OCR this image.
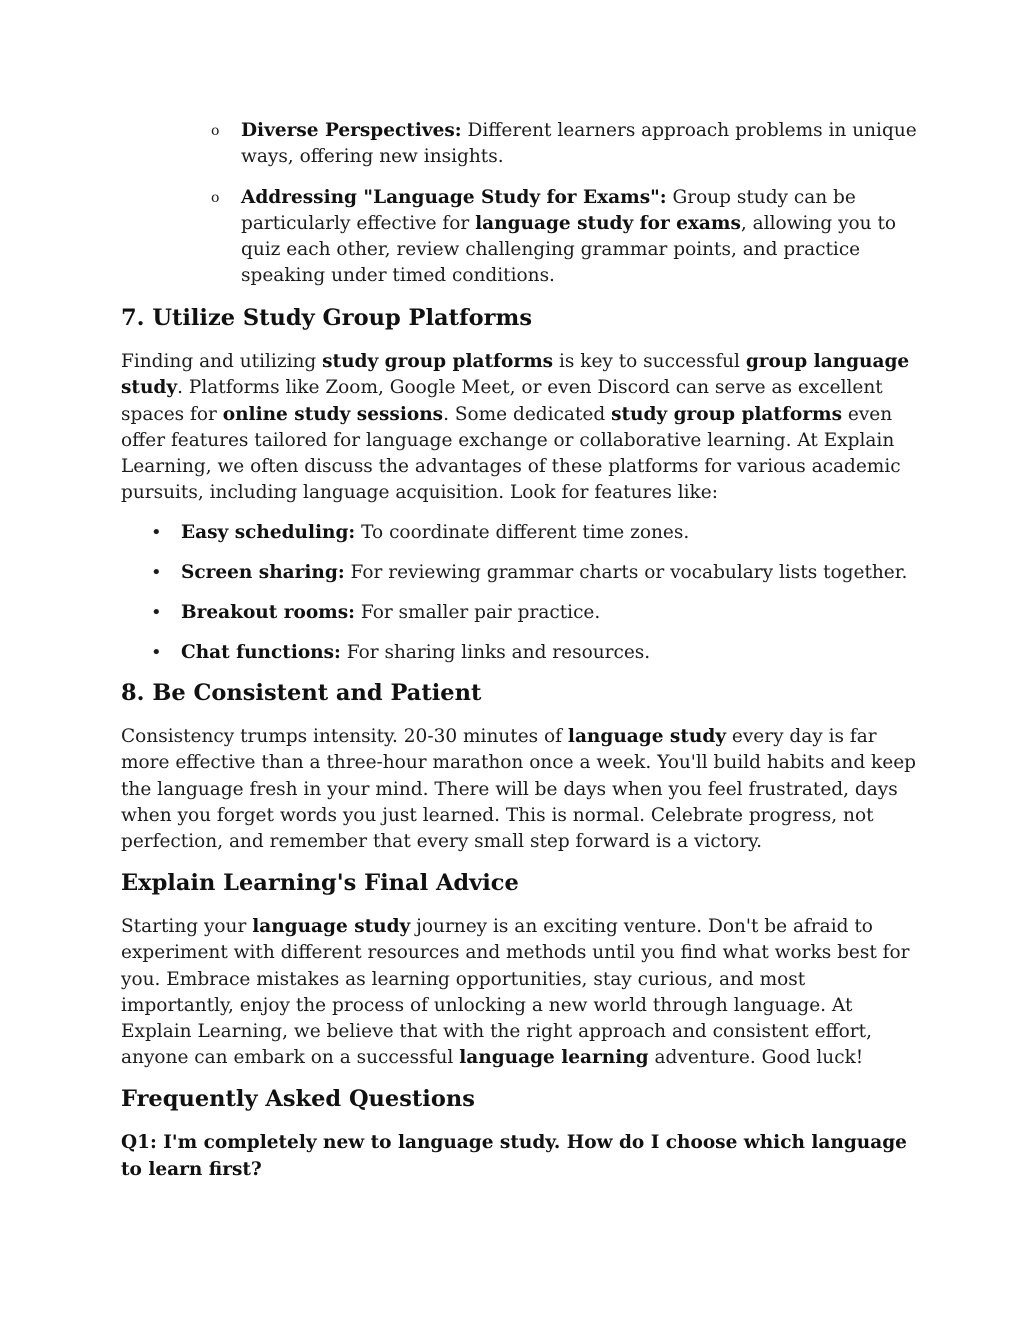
o Diverse Perspectives: Different learners approach problems in unique ways, offering new insights.
o Addressing "Language Study for Exams": Group study can be particularly effective for language study for exams, allowing you to quiz each other, review challenging grammar points, and practice speaking under timed conditions.
7. Utilize Study Group Platforms

Finding and utilizing study group platforms is key to successful group language study. Platforms like Zoom, Google Meet, or even Discord can serve as excellent spaces for online study sessions. Some dedicated study group platforms even offer features tailored for language exchange or collaborative learning. At Explain Learning, we often discuss the advantages of these platforms for various academic pursuits, including language acquisition. Look for features like:

• Easy scheduling: To coordinate different time zones.
• Screen sharing: For reviewing grammar charts or vocabulary lists together.
• Breakout rooms: For smaller pair practice.
• Chat functions: For sharing links and resources.
8. Be Consistent and Patient

Consistency trumps intensity. 20-30 minutes of language study every day is far more effective than a three-hour marathon once a week. You'll build habits and keep the language fresh in your mind. There will be days when you feel frustrated, days when you forget words you just learned. This is normal. Celebrate progress, not perfection, and remember that every small step forward is a victory.

Explain Learning's Final Advice

Starting your language study journey is an exciting venture. Don't be afraid to experiment with different resources and methods until you find what works best for you. Embrace mistakes as learning opportunities, stay curious, and most importantly, enjoy the process of unlocking a new world through language. At Explain Learning, we believe that with the right approach and consistent effort, anyone can embark on a successful language learning adventure. Good luck!

Frequently Asked Questions

Q1: I'm completely new to language study. How do I choose which language to learn first?
